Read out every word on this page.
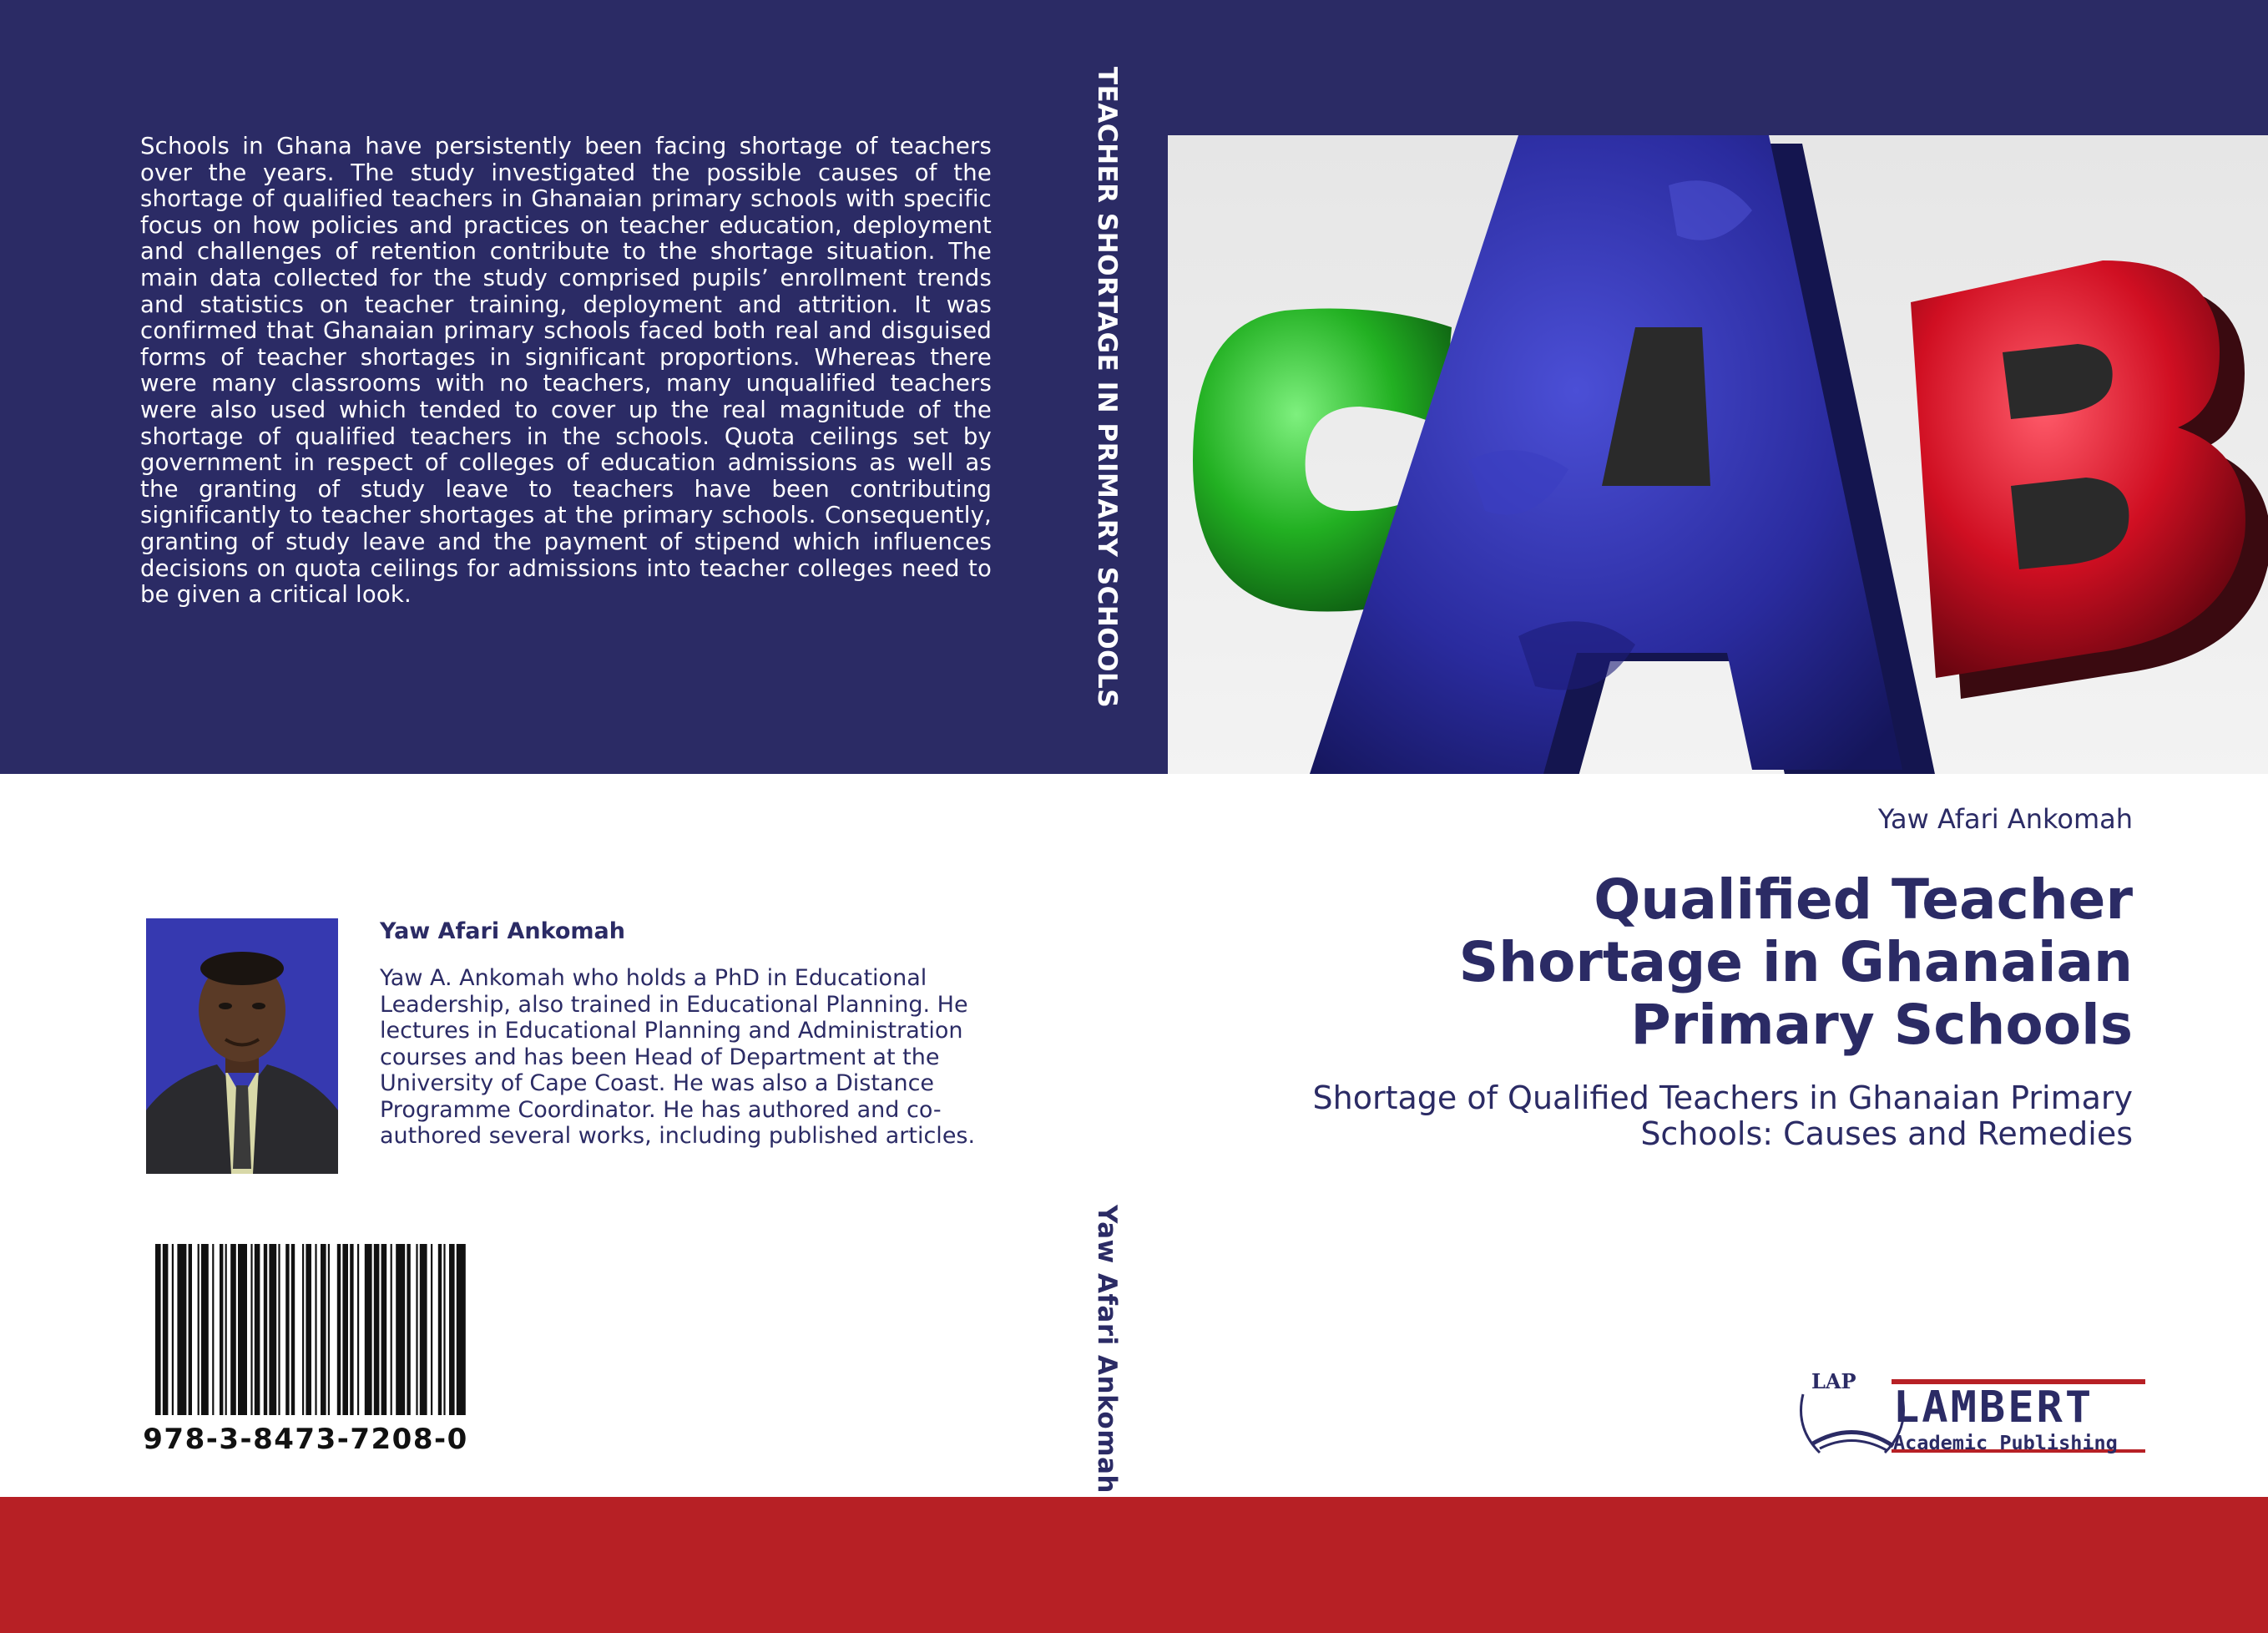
Schools in Ghana have persistently been facing shortage of teachers over the years. The study investigated the possible causes of the shortage of qualified teachers in Ghanaian primary schools with specific focus on how policies and practices on teacher education, deployment and challenges of retention contribute to the shortage situation. The main data collected for the study comprised pupils’ enrollment trends and statistics on teacher training, deployment and attrition. It was confirmed that Ghanaian primary schools faced both real and disguised forms of teacher shortages in significant proportions. Whereas there were many classrooms with no teachers, many unqualified teachers were also used which tended to cover up the real magnitude of the shortage of qualified teachers in the schools. Quota ceilings set by government in respect of colleges of education admissions as well as the granting of study leave to teachers have been contributing significantly to teacher shortages at the primary schools. Consequently, granting of study leave and the payment of stipend which influences decisions on quota ceilings for admissions into teacher colleges need to be given a critical look.	TEACHER SHORTAGE IN PRIMARY SCHOOLS
Yaw Afari Ankomah
Yaw Afari Ankomah
Qualified Teacher Shortage in Ghanaian Primary Schools
Shortage of Qualified Teachers in Ghanaian Primary Schools: Causes and Remedies
Yaw Afari Ankomah
Yaw A. Ankomah who holds a PhD in Educational Leadership, also trained in Educational Planning. He lectures in Educational Planning and Administration courses and has been Head of Department at the University of Cape Coast. He was also a Distance Programme Coordinator. He has authored and co-authored several works, including published articles.
978-3-8473-7208-0
LAP
LAMBERT
Academic Publishing
